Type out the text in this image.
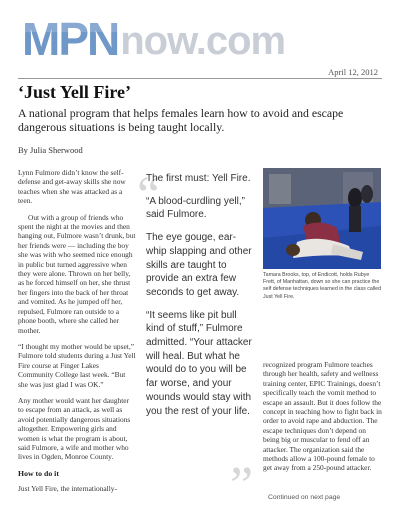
MPN now.com
April 12, 2012
‘Just Yell Fire’

A national program that helps females learn how to avoid and escape dangerous situations is being taught locally.

By Julia Sherwood

Lynn Fulmore didn’t know the self-defense and get-away skills she now teaches when she was attacked as a teen.

Out with a group of friends who spent the night at the movies and then hanging out, Fulmore wasn’t drunk, but her friends were — including the boy she was with who seemed nice enough in public but turned aggressive when they were alone. Thrown on her belly, as he forced himself on her, she thrust her fingers into the back of her throat and vomited. As he jumped off her, repulsed, Fulmore ran outside to a phone booth, where she called her mother.

“I thought my mother would be upset,” Fulmore told students during a Just Yell Fire course at Finger Lakes Community College last week. “But she was just glad I was OK.”

Any mother would want her daughter to escape from an attack, as well as avoid potentially dangerous situations altogether. Empowering girls and women is what the program is about, said Fulmore, a wife and mother who lives in Ogden, Monroe County.

How to do it

Just Yell Fire, the internationally-

“

The first must: Yell Fire.

“A blood-curdling yell,” said Fulmore.

The eye gouge, ear-whip slapping and other skills are taught to provide an extra few seconds to get away.

“It seems like pit bull kind of stuff,” Fulmore admitted. “Your attacker will heal. But what he would do to you will be far worse, and your wounds would stay with you the rest of your life.

”

Tamara Brooks, top, of Endicott, holds Rubye Frett, of Manhattan, down so she can practice the self defense techniques learned in the class called Just Yell Fire.

recognized program Fulmore teaches through her health, safety and wellness training center, EPIC Trainings, doesn’t specifically teach the vomit method to escape an assault. But it does follow the concept in teaching how to fight back in order to avoid rape and abduction. The escape techniques don’t depend on being big or muscular to fend off an attacker. The organization said the methods allow a 100-pound female to get away from a 250-pound attacker.

Continued on next page
